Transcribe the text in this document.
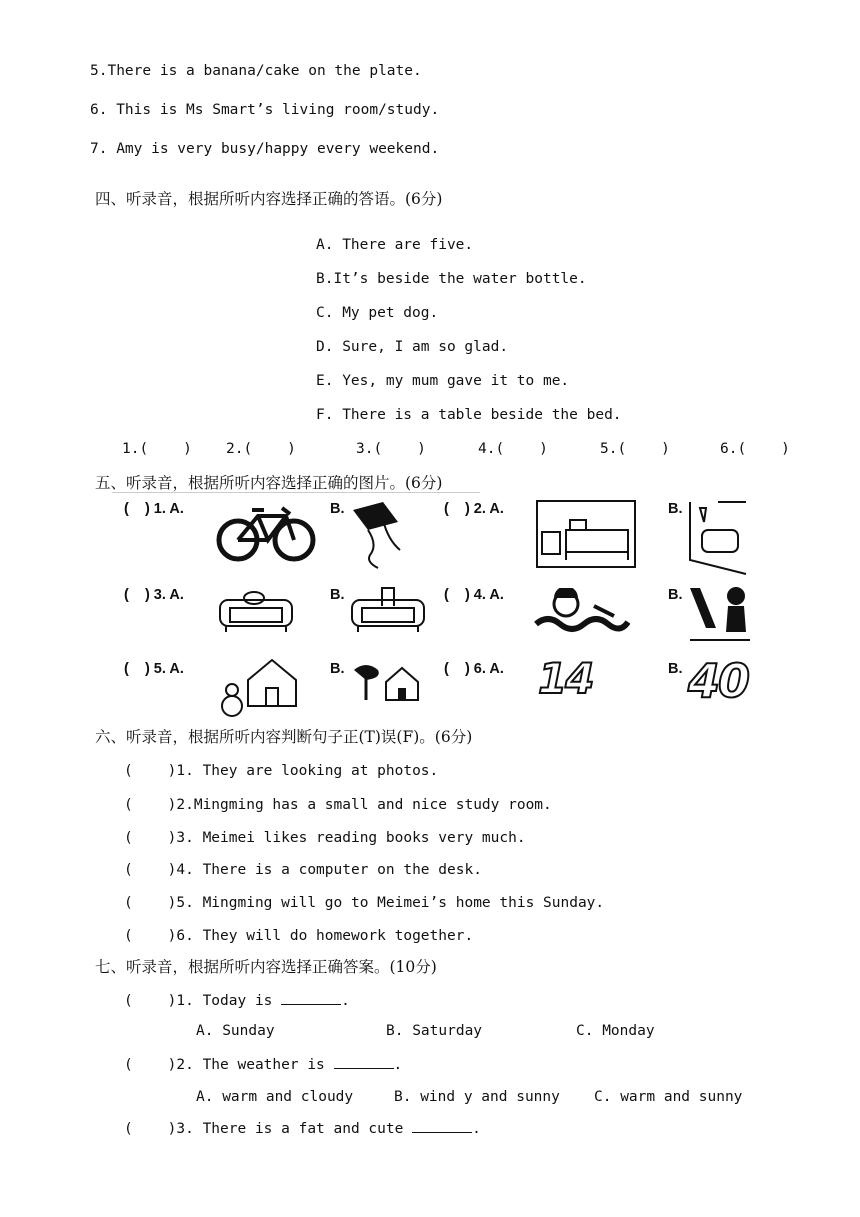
5.There is a banana/cake on the plate.
6. This is Ms Smart’s living room/study.
7. Amy is very busy/happy every weekend.
四、听录音，根据所听内容选择正确的答语。(6分)
A. There are five.
B.It’s beside the water bottle.
C. My pet dog.
D. Sure, I am so glad.
E. Yes, my mum gave it to me.
F. There is a table beside the bed.
1.(    ) 2.(    )	3.(    )	4.(    )	5.(    )	6.(    )
五、听录音，根据所听内容选择正确的图片。(6分)
(    ) 1. A.	B.	(    ) 2. A.	B.
(    ) 3. A.	B.	(    ) 4. A.	B.
(    ) 5. A.	B.	(    ) 6. A.	B.
14 40
六、听录音，根据所听内容判断句子正(T)误(F)。(6分)
(    )1. They are looking at photos.
(    )2.Mingming has a small and nice study room.
(    )3. Meimei likes reading books very much.
(    )4. There is a computer on the desk.
(    )5. Mingming will go to Meimei’s home this Sunday.
(    )6. They will do homework together.
七、听录音，根据所听内容选择正确答案。(10分)
(    )1. Today is	.
A. Sunday	B. Saturday	C. Monday
(    )2. The weather is	.
A. warm and cloudy	B. wind y and sunny C. warm and sunny
(    )3. There is a fat and cute	.
